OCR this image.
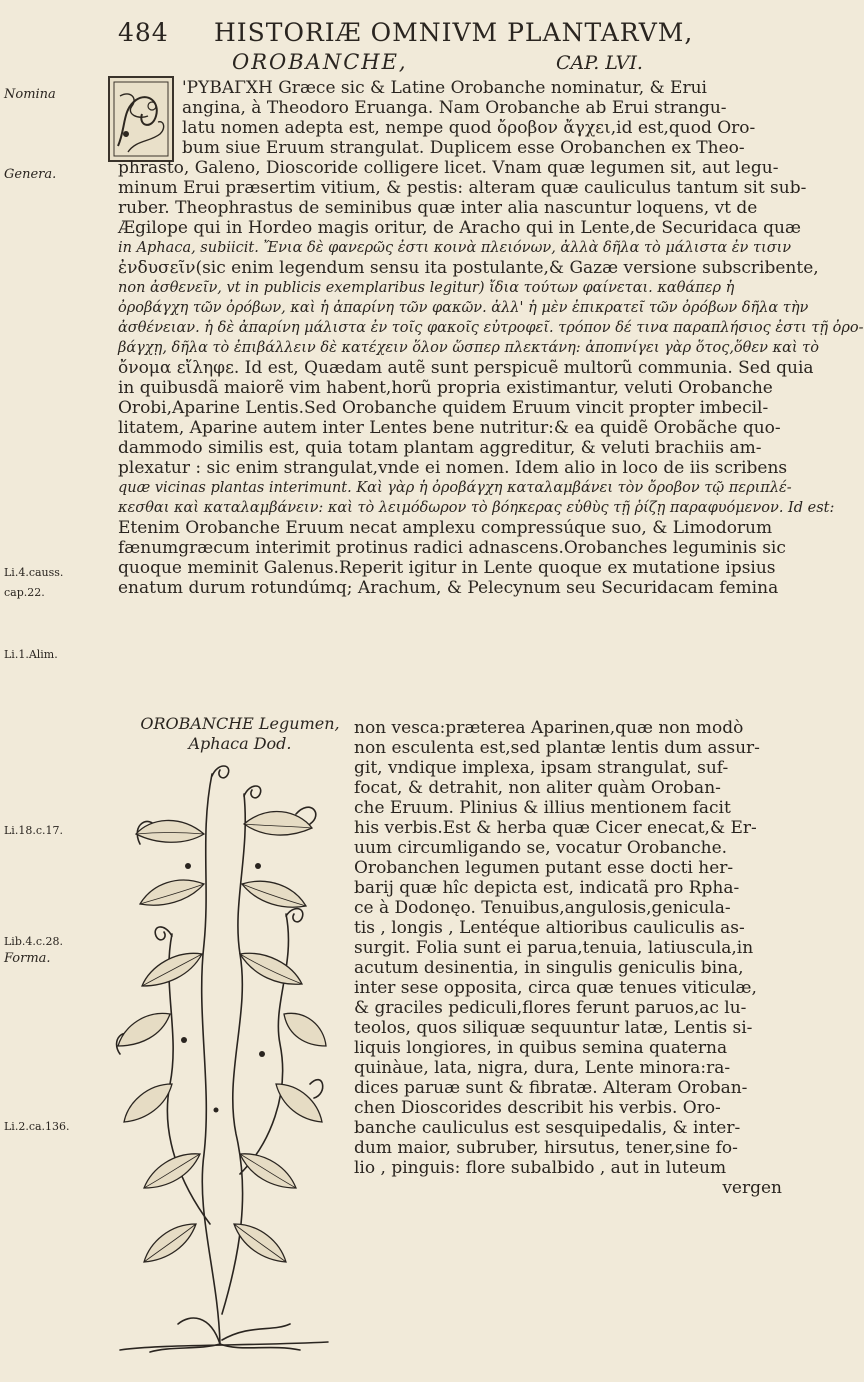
484 HISTORIÆ OMNIVM PLANTARVM,
OROBANCHE,	CAP. LVI.
Nomina
Genera.
Li.4.causs.
cap.22.
Li.1.Alim.
Li.18.c.17.
Lib.4.c.28.
Forma.
Li.2.ca.136.
'PYBAΓXH Græce sic & Latine Orobanche nominatur, & Erui
angina, à Theodoro Eruanga. Nam Orobanche ab Erui strangu-
latu nomen adepta est, nempe quod ὄροβον ἄγχει,id est,quod Oro-
bum siue Eruum strangulat. Duplicem esse Orobanchen ex Theo-
phrasto, Galeno, Dioscoride colligere licet. Vnam quæ legumen sit, aut legu-
minum Erui præsertim vitium, & pestis: alteram quæ cauliculus tantum sit sub-
ruber. Theophrastus de seminibus quæ inter alia nascuntur loquens, vt de
Ægilope qui in Hordeo magis oritur, de Aracho qui in Lente,de Securidaca quæ
in Aphaca, subiicit. Ἔνια δὲ φανερῶς ἐστι κοινὰ πλειόνων, ἀλλὰ δῆλα τὸ μάλιστα ἐν τισιν
ἐνδυσεῖν(sic enim legendum sensu ita postulante,& Gazæ versione subscribente,
non ἀσθενεῖν, vt in publicis exemplaribus legitur) ἴδια τούτων φαίνεται. καθάπερ ἡ
ὀροβάγχη τῶν ὀρόβων, καὶ ἡ ἀπαρίνη τῶν φακῶν. ἀλλ' ἡ μὲν ἐπικρατεῖ τῶν ὀρόβων δῆλα τὴν
ἀσθένειαν. ἡ δὲ ἀπαρίνη μάλιστα ἐν τοῖς φακοῖς εὐτροφεῖ. τρόπον δέ τινα παραπλήσιος ἐστι τῇ ὀρο-
βάγχῃ, δῆλα τὸ ἐπιβάλλειν δὲ κατέχειν ὅλον ὥσπερ πλεκτάνη: ἀποπνίγει γὰρ ὅτος,ὅθεν καὶ τὸ
ὄνομα εἴληφε. Id est, Quædam autẽ sunt perspicuẽ multorũ communia. Sed quia
in quibusdã maiorẽ vim habent,horũ propria existimantur, veluti Orobanche
Orobi,Aparine Lentis.Sed Orobanche quidem Eruum vincit propter imbecil-
litatem, Aparine autem inter Lentes bene nutritur:& ea quidẽ Orobãche quo-
dammodo similis est, quia totam plantam aggreditur, & veluti brachiis am-
plexatur : sic enim strangulat,vnde ei nomen. Idem alio in loco de iis scribens
quæ vicinas plantas interimunt. Καὶ γὰρ ἡ ὀροβάγχη καταλαμβάνει τὸν ὄροβον τῷ περιπλέ-
κεσθαι καὶ καταλαμβάνειν: καὶ τὸ λειμόδωρον τὸ βόηκερας εὐθὺς τῇ ῥίζῃ παραφυόμενον. Id est:
Etenim Orobanche Eruum necat amplexu compressúque suo, & Limodorum
fænumgræcum interimit protinus radici adnascens.Orobanches leguminis sic
quoque meminit Galenus.Reperit igitur in Lente quoque ex mutatione ipsius
enatum durum rotundúmq; Arachum, & Pelecynum seu Securidacam femina
OROBANCHE Legumen,
Aphaca Dod.
non vesca:præterea Aparinen,quæ non modò
non esculenta est,sed plantæ lentis dum assur-
git, vndique implexa, ipsam strangulat, suf-
focat, & detrahit, non aliter quàm Oroban-
che Eruum. Plinius & illius mentionem facit
his verbis.Est & herba quæ Cicer enecat,& Er-
uum circumligando se, vocatur Orobanche.
Orobanchen legumen putant esse docti her-
barij quæ hîc depicta est, indicatã pro Rpha-
ce à Dodonęo. Tenuibus,angulosis,genicula-
tis , longis , Lentéque altioribus cauliculis as-
surgit. Folia sunt ei parua,tenuia, latiuscula,in
acutum desinentia, in singulis geniculis bina,
inter sese opposita, circa quæ tenues viticulæ,
& graciles pediculi,flores ferunt paruos,ac lu-
teolos, quos siliquæ sequuntur latæ, Lentis si-
liquis longiores, in quibus semina quaterna
quinàue, lata, nigra, dura, Lente minora:ra-
dices paruæ sunt & fibratæ. Alteram Oroban-
chen Dioscorides describit his verbis. Oro-
banche cauliculus est sesquipedalis, & inter-
dum maior, subruber, hirsutus, tener,sine fo-
lio , pinguis: flore subalbido , aut in luteum
vergen
